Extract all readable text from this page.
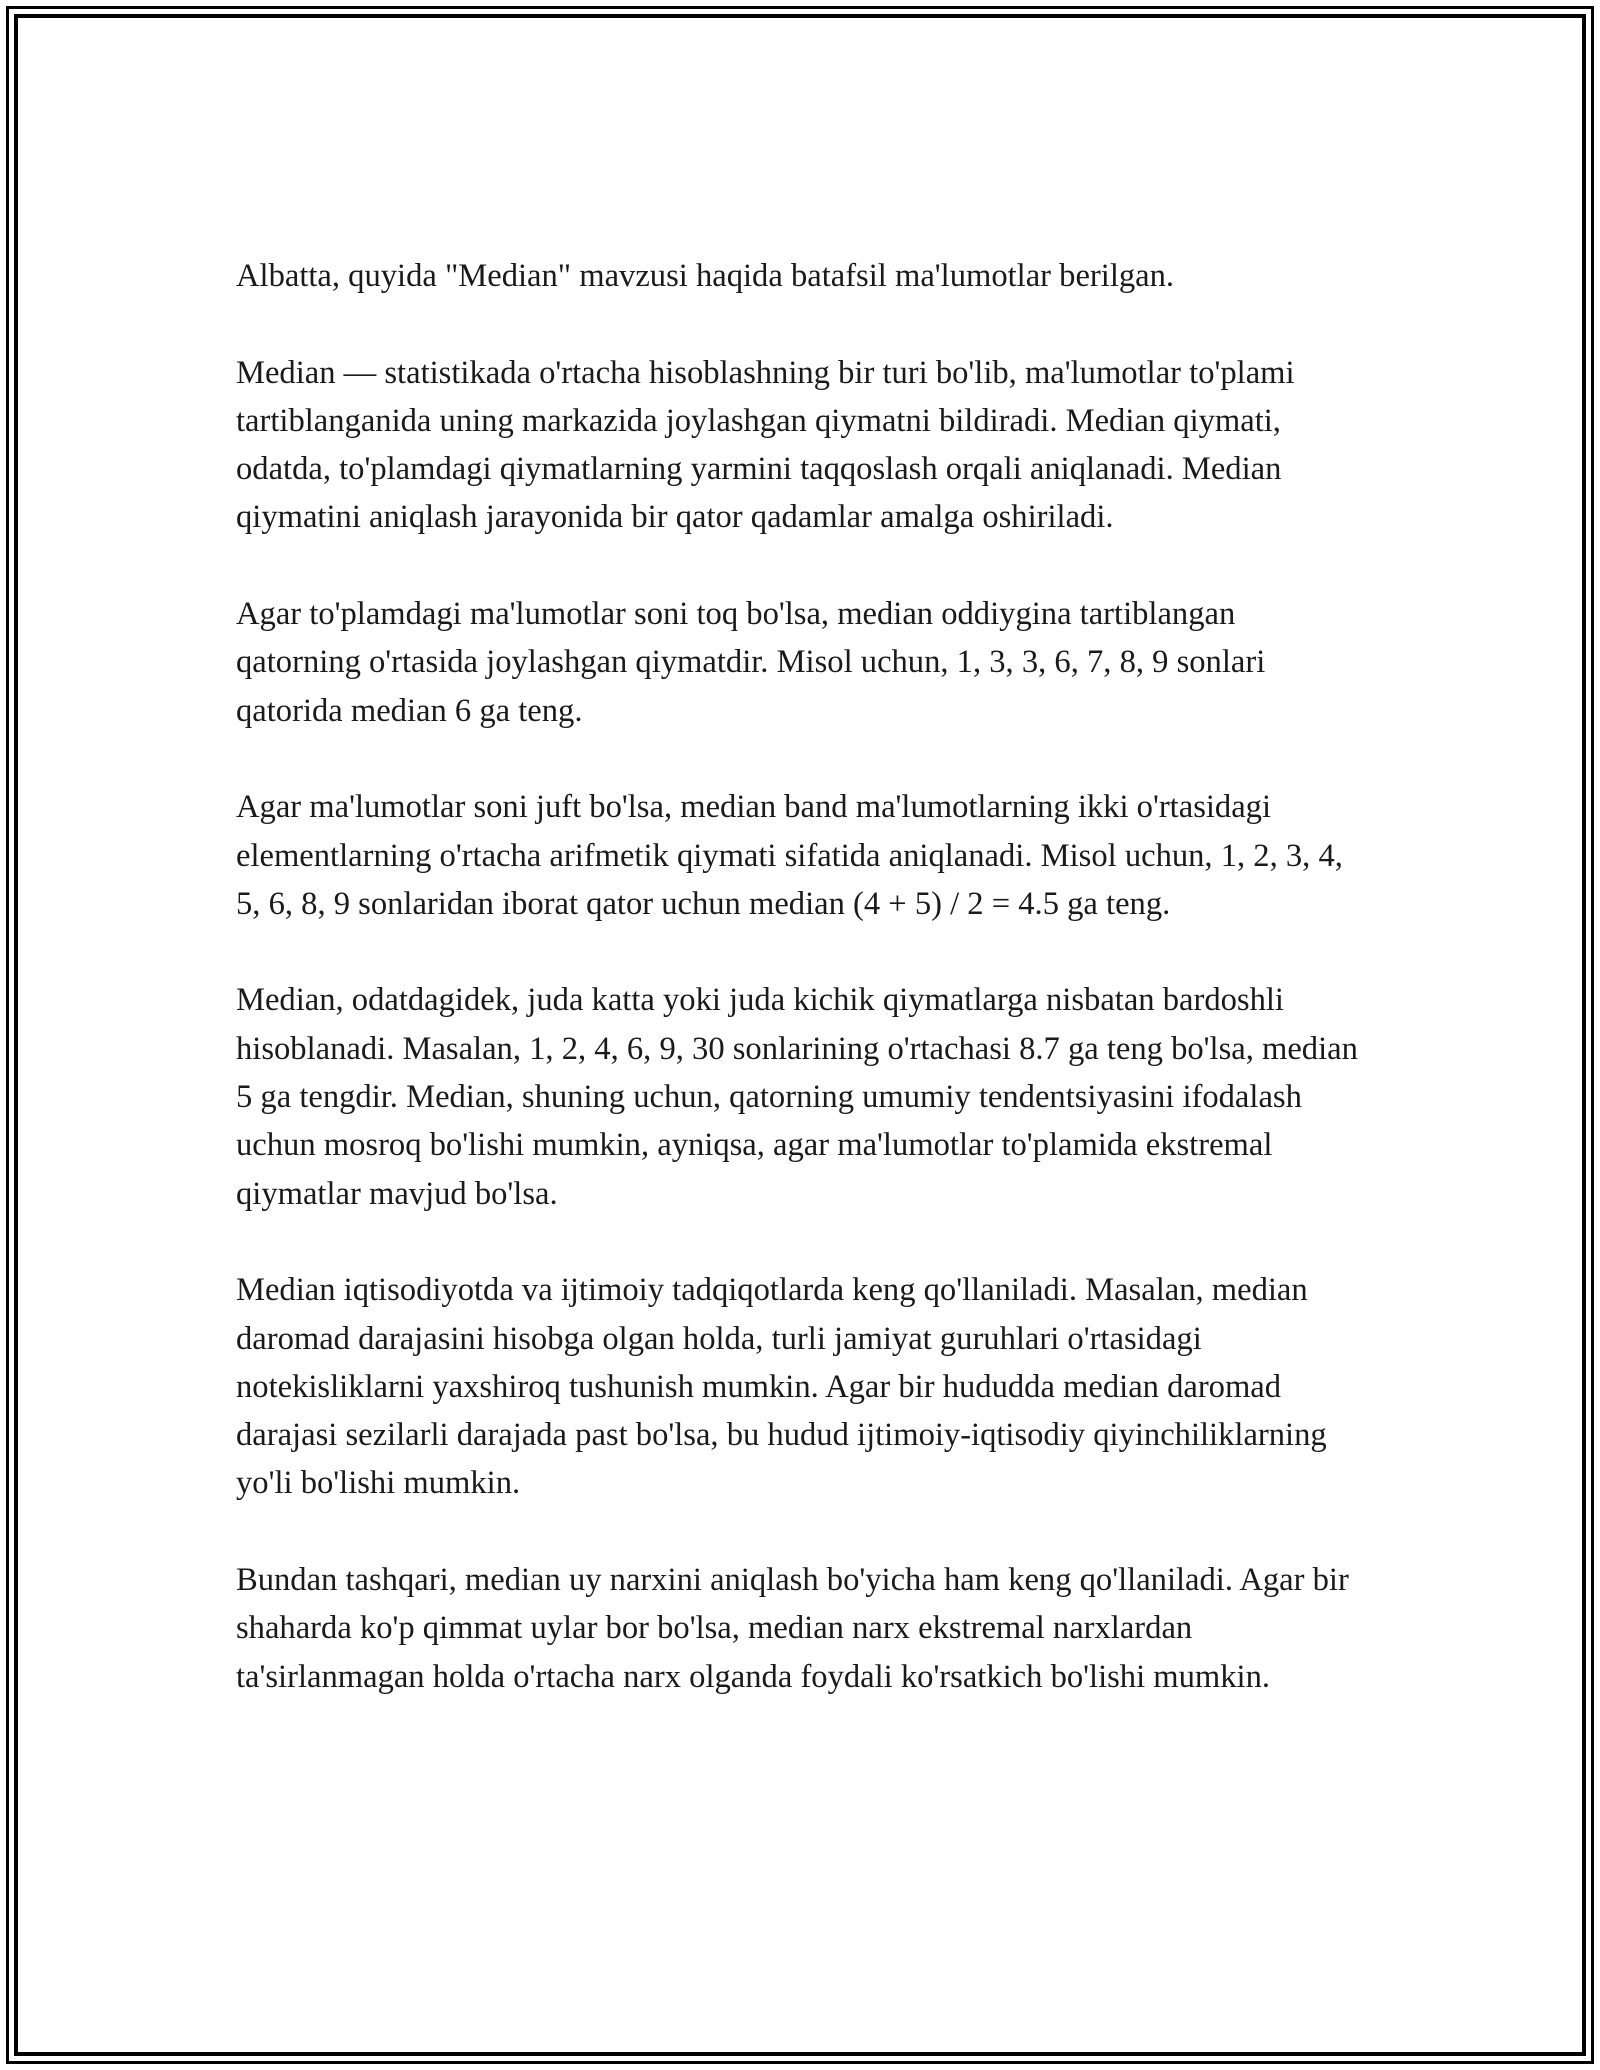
Albatta, quyida "Median" mavzusi haqida batafsil ma'lumotlar berilgan.

Median — statistikada o'rtacha hisoblashning bir turi bo'lib, ma'lumotlar to'plami tartiblanganida uning markazida joylashgan qiymatni bildiradi. Median qiymati, odatda, to'plamdagi qiymatlarning yarmini taqqoslash orqali aniqlanadi. Median qiymatini aniqlash jarayonida bir qator qadamlar amalga oshiriladi.

Agar to'plamdagi ma'lumotlar soni toq bo'lsa, median oddiygina tartiblangan qatorning o'rtasida joylashgan qiymatdir. Misol uchun, 1, 3, 3, 6, 7, 8, 9 sonlari qatorida median 6 ga teng.

Agar ma'lumotlar soni juft bo'lsa, median band ma'lumotlarning ikki o'rtasidagi elementlarning o'rtacha arifmetik qiymati sifatida aniqlanadi. Misol uchun, 1, 2, 3, 4, 5, 6, 8, 9 sonlaridan iborat qator uchun median (4 + 5) / 2 = 4.5 ga teng.

Median, odatdagidek, juda katta yoki juda kichik qiymatlarga nisbatan bardoshli hisoblanadi. Masalan, 1, 2, 4, 6, 9, 30 sonlarining o'rtachasi 8.7 ga teng bo'lsa, median 5 ga tengdir. Median, shuning uchun, qatorning umumiy tendentsiyasini ifodalash uchun mosroq bo'lishi mumkin, ayniqsa, agar ma'lumotlar to'plamida ekstremal qiymatlar mavjud bo'lsa.

Median iqtisodiyotda va ijtimoiy tadqiqotlarda keng qo'llaniladi. Masalan, median daromad darajasini hisobga olgan holda, turli jamiyat guruhlari o'rtasidagi notekisliklarni yaxshiroq tushunish mumkin. Agar bir hududda median daromad darajasi sezilarli darajada past bo'lsa, bu hudud ijtimoiy-iqtisodiy qiyinchiliklarning yo'li bo'lishi mumkin.

Bundan tashqari, median uy narxini aniqlash bo'yicha ham keng qo'llaniladi. Agar bir shaharda ko'p qimmat uylar bor bo'lsa, median narx ekstremal narxlardan ta'sirlanmagan holda o'rtacha narx olganda foydali ko'rsatkich bo'lishi mumkin.
